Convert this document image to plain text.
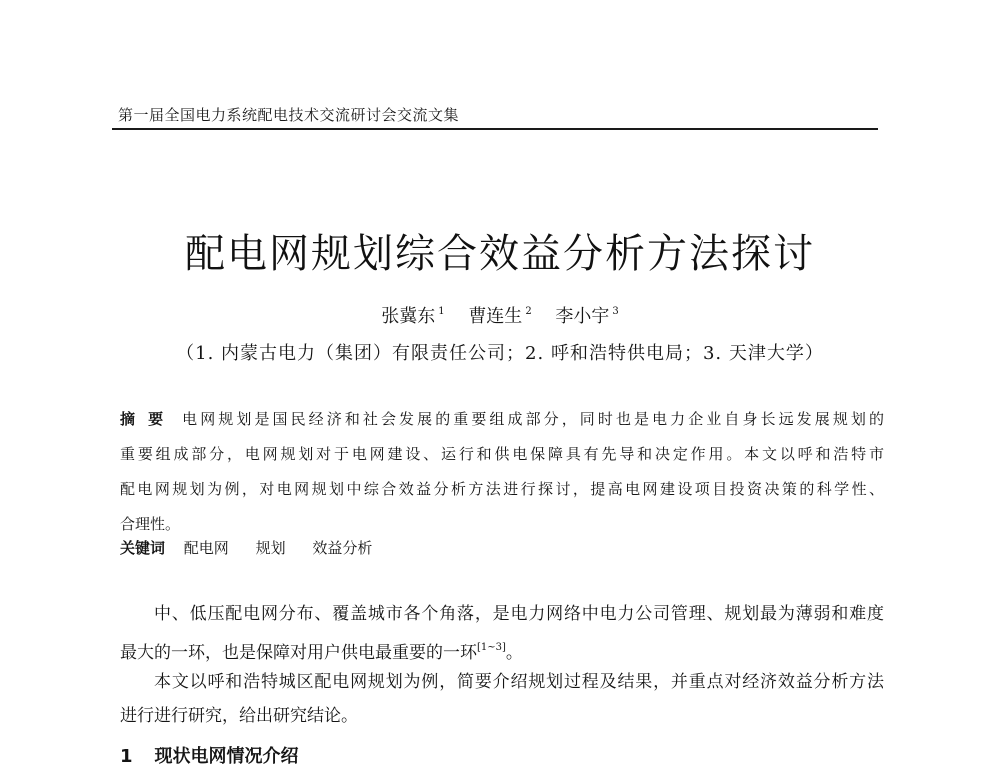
第一届全国电力系统配电技术交流研讨会交流文集
配电网规划综合效益分析方法探讨
张冀东 $^1$ 曹连生 $^2$ 李小宇 $^3$
（1. 内蒙古电力（集团）有限责任公司；2. 呼和浩特供电局；3. 天津大学）
摘要 电网规划是国民经济和社会发展的重要组成部分，同时也是电力企业自身长远发展规划的
重要组成部分，电网规划对于电网建设、运行和供电保障具有先导和决定作用。本文以呼和浩特市
配电网规划为例，对电网规划中综合效益分析方法进行探讨，提高电网建设项目投资决策的科学性、
合理性。
关键词 配电网 规划 效益分析
中、低压配电网分布、覆盖城市各个角落，是电力网络中电力公司管理、规划最为薄弱和难度
最大的一环，也是保障对用户供电最重要的一环[1~3]。
本文以呼和浩特城区配电网规划为例，简要介绍规划过程及结果，并重点对经济效益分析方法
进行进行研究，给出研究结论。
1 现状电网情况介绍
